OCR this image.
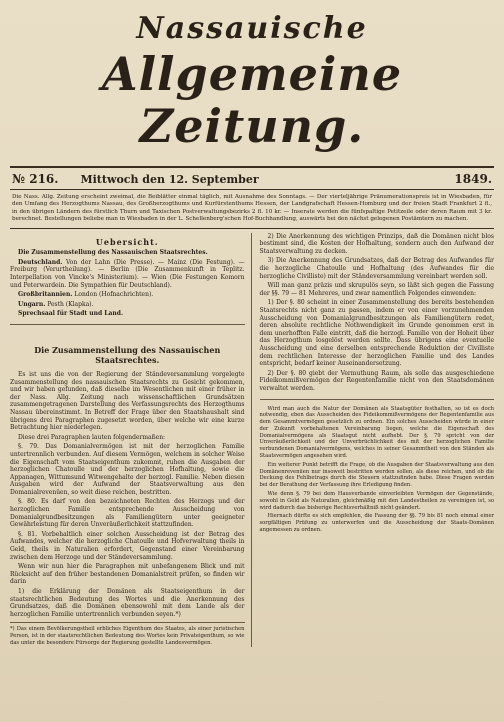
Nassauische
Allgemeine Zeitung.
№ 216. Mittwoch den 12. September	1849.
Die Nass. Allg. Zeitung erscheint zweimal, die Beiblätter einmal täglich, mit Ausnahme des Sonntags. — Der vierteljährige Pränumerationspreis ist in Wiesbaden, für den Umfang des Herzogthums Nassau, des Großherzogthums und Kurfürstenthums Hessen, der Landgrafschaft Hessen-Homburg und der freien Stadt Frankfurt 2 fl., in den übrigen Ländern des fürstlich Thurn und Taxischen Postverwaltungsbezirks 2 fl. 10 kr. — Inserate werden die fünfspaltige Petitzeile oder deren Raum mit 3 kr. berechnet. Bestellungen beliebe man in Wiesbaden in der L. Schellenberg'schen Hof-Buchhandlung, auswärts bei den nächst gelegenen Postämtern zu machen.
Uebersicht.

Die Zusammenstellung des Nassauischen Staatsrechtes.

Deutschland. Von der Lahn (Die Presse). — Mainz (Die Festung). — Freiburg (Verurtheilung). — Berlin (Die Zusammenkunft in Teplitz. Interpellation von Vincke's Ministerium). — Wien (Die Festungen Komorn und Peterwardein. Die Sympathien für Deutschland).

Großbritannien. London (Hofnachrichten).

Ungarn. Pesth (Klapka).

Sprechsaal für Stadt und Land.

Die Zusammenstellung des Nassauischen Staatsrechtes.

Es ist uns die von der Regierung der Ständeversammlung vorgelegte Zusammenstellung des nassauischen Staatsrechts zu Gesicht gekommen, und wir haben gefunden, daß dieselbe im Wesentlichen mit einer früher in der Nass. Allg. Zeitung nach wissenschaftlichen Grundsätzen zusammengetragenen Darstellung des Verfassungsrechts des Herzogthums Nassau übereinstimmt. In Betreff der Frage über den Staatshaushalt sind übrigens drei Paragraphen zugesetzt worden, über welche wir eine kurze Betrachtung hier niederlegen.

Diese drei Paragraphen lauten folgendermaßen:

§. 79. Das Domanialvermögen ist mit der herzoglichen Familie untertrennlich verbunden. Auf diesem Vermögen, welchem in solcher Weise die Eigenschaft vom Staatseigenthum zukommt, ruhen die Ausgaben der herzoglichen Chatoulle und der herzoglichen Hofhaltung, sowie die Appanagen, Wittumsund Witwengehalte der herzogl. Familie. Neben diesen Ausgaben wird der Aufwand der Staatsverwaltung aus den Domanialrevenüen, so weit diese reichen, bestritten.

§. 80. Es darf von den bezeichneten Rechten des Herzogs und der herzoglichen Familie entsprechende Ausscheidung von Domanialgrundbesitzungen als Familiengütern unter geeigneter Gewährleistung für deren Unveräußerlichkeit stattzufinden.

§. 81. Vorbehaltlich einer solchen Ausscheidung ist der Betrag des Aufwandes, welcher die herzogliche Chatoulle und Hofverwaltung theils in Geld, theils in Naturalien erfordert, Gegenstand einer Vereinbarung zwischen dem Herzoge und der Ständeversammlung.

Wenn wir nun hier die Paragraphen mit unbefangenem Blick und mit Rücksicht auf den früher bestandenen Domanialstreit prüfen, so finden wir darin

1) die Erklärung der Domänen als Staatseigenthum in der staatsrechtlichen Bedeutung des Wortes und die Anerkennung des Grundsatzes, daß die Domänen ebensowohl mit dem Lande als der herzoglichen Familie untertrennlich verbunden seyen.*)

*) Das einem Bevölkerungstheil erbliches Eigenthum des Staates, als einer juristischen Person, ist in der staatsrechtlichen Bedeutung des Wortes kein Privateigenthum, so wie das unter die besondere Fürsorge der Regierung gestellte Landesvermögen.

2) Die Anerkennung des wichtigen Prinzips, daß die Domänen nicht blos bestimmt sind, die Kosten der Hofhaltung, sondern auch den Aufwand der Staatsverwaltung zu decken.

3) Die Anerkennung des Grundsatzes, daß der Betrag des Aufwandes für die herzogliche Chatoulle und Hofhaltung (des Aufwandes für die herzogliche Civilliste) mit der Ständeversammlung vereinbart werden soll.

Will man ganz präzis und skrupulös seyn, so läßt sich gegen die Fassung der §§. 79 — 81 Mehreres, und zwar namentlich Folgendes einwenden:

1) Der §. 80 scheint in einer Zusammenstellung des bereits bestehenden Staatsrechts nicht ganz zu passen, indem er von einer vorzunehmenden Ausscheidung von Domanialgrundbesitzungen als Familiengütern redet, deren absolute rechtliche Nothwendigkeit im Grunde genommen erst in dem unerhofften Falle eintritt, daß die herzogl. Familie von der Hoheit über das Herzogthum losgelöst werden sollte. Dass übrigens eine eventuelle Ausscheidung und eine derselben entsprechende Reduktion der Civilliste dem rechtlichen Interesse der herzoglichen Familie und des Landes entspricht, bedarf keiner Auseinandersetzung.

2) Der §. 80 giebt der Vermuthung Raum, als solle das ausgeschiedene Fideikommißvermögen der Regentenfamilie nicht von den Staatsdomänen verwaltet werden.

Wird man auch die Natur der Domänen als Staatsgüter festhalten, so ist es doch notwendig, eben das Ausscheiden des Fideikommißvermögens der Regentenfamilie aus dem Gesammtvermögen gesetzlich zu ordnen. Ein solches Ausscheiden würde in einer der Zukunft vorbehaltenen Vereinbarung liegen, welche die Eigenschaft des Domanialvermögens als Staatsgut nicht aufhebt. Der §. 79 spricht von der Unveräußerlichkeit und der Unverbrüchlichkeit des mit der herzoglichen Familie verbundenen Domanialvermögens, welches in seiner Gesammtheit von den Ständen als Staatsvermögen angesehen wird.

Ein weiterer Punkt betrifft die Frage, ob die Ausgaben der Staatsverwaltung aus den Domänenrevenüen nur insoweit bestritten werden sollen, als diese reichen, und ob die Deckung des Fehlbetrags durch die Steuern stattzufinden habe. Diese Fragen werden bei der Berathung der Verfassung ihre Erledigung finden.

Wie denn §. 79 bei dem Hausverbande einverleibten Vermögen der Gegenstände, sowohl in Geld als Naturalien, gleichmäßig mit den Landestheilen zu vereinigen ist, so wird dadurch das bisherige Rechtsverhältniß nicht geändert.

Hiernach dürfte es sich empfehlen, die Fassung der §§. 79 bis 81 noch einmal einer sorgfältigen Prüfung zu unterwerfen und die Ausscheidung der Staats-Domänen angemessen zu ordnen.
